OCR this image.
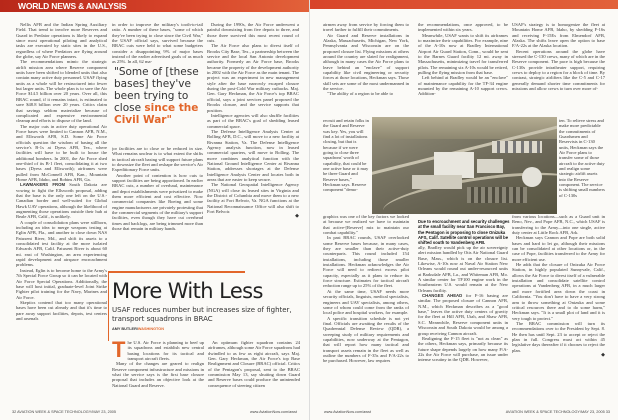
WORLD NEWS & ANALYSIS

Nellis AFB and the Indian Spring Auxiliary Field. That trend to involve more Reserves and Guard in Predator operations is likely to expand since most operational piloting and analytical tasks are executed by static sites in the U.S., regardless of where Predators are flying around the globe, say Air Force planners.

The recommendations mimic the strategic airlift mission area where Reserve component units have been shifted to blended units that also contain many active duty personnel. USAF flying units as a whole will be restructured into fewer but larger units. The whole plan is to save the Air Force $14.5 billion over 20 years. Over all, this BRAC round, if it remains intact, is estimated to save $48.8 billion over 20 years. Critics claim that savings seldom materialize because of complicated and expensive environmental cleanup and efforts to dispose of the land.

The major cuts in active duty operational Air Force bases were limited to Cannon AFB, N.M., and Ellsworth AFB, S.D. Some Air Force officials question the wisdom of basing all the service's B-1s at Dyess AFB, Tex., where facilities will have to be built to house the additional bombers. In 2001, the Air Force shed one-third of its B-1 fleet, consolidating it at two bases (Dyess and Ellsworth); airframes were pulled from McConnell AFB, Kan., Mountain Home AFB, Idaho, and Robins AFB, Ga.

LAWMAKERS FROM South Dakota are vowing to fight the Ellsworth proposal, adding that the base is the only one left on the U.S.-Canadian border and well-suited for Global Hawk UAV operations, although the likelihood of augmenting those operations outside their hub at Beale AFB, Calif., is unlikely.

A couple of consolidation plans were stillborn, including an idea to merge weapons testing at Eglin AFB, Fla., and another to close down NAS Patuxent River, Md., and shift its assets to a consolidated test facility at the more isolated Edwards AFB, Calif. Patuxent River is about 60 mi. east of Washington, an area experiencing rapid development and airspace encroachment problems.

Instead, Eglin is to become home to the Army's 7th Special Force Group so it can be located with Air Force Special Operations. Additionally, the base will host initial, graduate-level Joint Strike Fighter pilot training for the Navy, Marines and Air Force.

Skeptics contend that too many operational bases have been cut already and that it's time to pare away support facilities, depots, test centers and arsenals

in order to improve the military's tooth-to-tail ratio. A number of these bases, "some of which they've been trying to close since the Civil War," the USAF official says, survived because the BRAC cuts were held to what some budgeters consider a disappointing 9% of major bases instead of the earlier advertised goals of as much as 25%. In all, 62 ma-

"Some of [these bases] they've been trying to close since the Civil War"

jor facilities are to close or be reduced in size. What remains unclear is to what extent the shifts in tactical aircraft basing will support future plans to downsize the fleet and reshape the service's Air Expeditionary Force units.

Another point of contention is how cuts to support facilities are being apportioned. In earlier BRAC cuts, a number of overhaul, maintenance and depot establishments were privatized to make them more efficient and cost effective. Now commercial companies like Boeing and some engine manufacturers are privately protesting that the commercial segments of the military's support facilities, even though they have cut overhead times and backlogs, are being trimmed more than those that remain in military hands.

During the 1990s, the Air Force underwent a painful downsizing from five depots to three, and those three survived this most recent round of cuts.

The Air Force also plans to divest itself of Brooks City Base, Tex., a partnership between the service and the local San Antonio development authority. Formerly an Air Force base, Brooks became the property of the development authority in 2002 with the Air Force as the main tenant. The project was an experiment in new management style after the base narrowly escaped closure during the post-Cold War military cutbacks. Maj. Gen. Gary Heckman, the Air Force's top BRAC official, says a joint services panel proposed the Brooks closure, and the service supports that position.

Intelligence agencies will also shuffle facilities as part of the BRAC's goal of shedding leased commercial space.

The Defense Intelligence Analysis Center at Bolling AFB, D.C., will move to a new facility at Rivanna Station, Va. The Defense Intelligence Agency analysis function, now in leased commercial quarters, will move to Bolling. The move combines analytical function with the National Ground Intelligence Center at Rivanna Station, addresses shortages at the Defense Intelligence Analysis Center and locates both in areas that are easier to keep secure.

The National Geospatial Intelligence Agency (NGA) will close its leased sites in Virginia and the District of Columbia and move them to a new facility at Fort Belvoir, Va. NGA functions at the National Reconnaissance Office will also shift to Fort Belvoir.

◆
More With Less
USAF reduces number but increases size of fighter, transport squadrons in BRAC
AMY BUTLER/WASHINGTON

The U.S. Air Force is planning to beef up its squadrons and establish new central basing locations for its tactical and transport aircraft fleets.

Many of the changes are geared to realign Reserve component infrastructure and missions in what the service says is the first base closure proposal that includes an objective look at the National Guard and Reserve.

An optimum fighter squadron contains 24 airframes, although some Air Force squadrons had dwindled to as few as eight aircraft, says Maj. Gen. Gary Heckman, the Air Force's top Base Realignment and Closure (BRAC) official. Critics of the Pentagon's proposal, sent to the BRAC commission May 13, say shutting down Guard and Reserve bases could produce the unintended consequence of steering citizen

32 AVIATION WEEK & SPACE TECHNOLOGY/MAY 23, 2005	www.AviationNow.com/awst	www.AviationNow.com/awst	AVIATION WEEK & SPACE TECHNOLOGY/MAY 23, 2005 33

airmen away from service by forcing them to travel farther to fulfill their commitments.

Air Guard and Reserve installations in Alaska, Massachusetts, Michigan, New York, Pennsylvania and Wisconsin are on the proposed closure list. Flying missions at others around the country are slated for realignment, although in many cases the Air Force plans to leave behind an "enclave" of support capability like civil engineering or security forces at those locations, Heckman says. Those skill sets are some of the most undermanned in the service.

"The ability of a region to be able to

recruit and retain folks in the Guard and Reserve was key. Yes, you will find a lot of installations closing, but that is because if we were going to close three squadrons' worth of capability, that could be one active base or it may be three Guard and Reserve bases," Heckman says. Reserve component "demo-

graphics was one of the key factors we looked at because we realized we have to maintain that active-[Reserve] mix to maintain our combat capability."

In past BRAC rounds, USAF overlooked some Reserve bases because, in many cases, they are smaller than their active-duty counterparts. This round included 154 installations, including those smaller installations. Heckman acknowledges the Air Force will need to redirect excess pilot capacity, especially as it plans to reduce its force structure. Estimates for tactical aircraft reduction range up to 25% of the fleet.

At the same time, USAF needs more security officials, linguists, medical specialists, engineers and UAV specialists, among others, some of whom could come from the ranks of local police and hospital workers, for example.

A specific transition schedule is not yet final. Officials are awaiting the results of the Quadrennial Defense Review (QDR), a sweeping study of military requirements and capabilities, now underway at the Pentagon, that will report how many tactical and transport assets remain in the fleet as well as outline the numbers of F-35s and F/A-22s to be purchased. However, law requires

the recommendations, once approved, to be implemented within six years.

Meanwhile, USAF wants to shift its airframes to maximize their capabilities. For example, nine of the A-10s now at Bradley International Airport Air Guard Station, Conn., would be sent to the Barnes Guard facility 12 mi. away in Massachusetts, minimizing travel for transferred pilots. The remaining six A-10s would be retired, pulling the flying mission from that base.

Left behind at Bradley would be an "enclave" of maintenance capability for the TF-34 engine mounted by the remaining A-10 support crews. Addition-

Due to encroachment and security challenges at the small facility near San Francisco Bay, the Pentagon is proposing to close Onizuka AFS, Calif. Satellite control operations will be shifted south to Vandenberg AFB.

ally, Bradley would pick up the air sovereignty alert mission handled by Otis Air National Guard Base, Mass., which is on the closure list. Likewise, A-10s now at Naval Air Station New Orleans would round out under-resourced units at Barksdale AFB, La., and Whiteman AFB, Mo. A similar center for TF100 engine work in the Southeastern U.S. would remain at the New Orleans facility.

CHANGES AHEAD for F-16 basing are similar. The proposed closure of Cannon AFB, N.M., which Heckman describes as a "good base," leaves the active duty centers of gravity for the fleet at Hill AFB, Utah, and Shaw AFB, S.C. Meanwhile, Reserve component units in Wisconsin and South Dakota would be among a group receiving Cannon aircraft.

Realigning the F-15 fleet is "not as clean" as the others, Heckman says, primarily because its future shape depends largely on how many F/A-22s the Air Force will purchase, an issue under intense scrutiny in the QDR. However,

USAF's strategy is to homogenize the fleet at Mountain Home AFB, Idaho, by shedding F-16s and receiving F-15Es from Elmendorf AFB, Alaska. The shifts leave open the option to base F/A-22s at the Alaska location.

Recent operations around the globe have stressed the C-130 crews, many of which are in the Reserve component. The pace is high because the C-130s provide intratheater support, requiring crews to deploy to a region for a block of time. By contrast, strategic airlifters like the C-5 and C-17 generally demand shorter time commitments for missions and allow crews to turn over more of-

ten. To relieve stress and make more predictable the commitments of Guardsmen and Reservists in C-130 units, Heckman says the Air Force plans to transfer some of those aircraft to the active duty and realign some strategic airlift assets into the Reserve component. The service is shifting small numbers of C-130s

from various locations—such as a Guard unit in Reno, Nev., and Pope AFB, N.C., which USAF is transferring to the Army—into one single, active duty center at Little Rock AFB, Ark.

Heckman says Cannon and Pope are both solid bases and hard to let go, although their missions can be consolidated at other locations or, in the case of Pope, facilities transferred to the Army for more efficient use.

He adds that the closure of Onizuka Air Force Station, in highly populated Sunnyvale, Calif., allows the Air Force to divest itself of a vulnerable installation and consolidate satellite control operations at Vandenberg AFB, in a much larger and more fortified area down the coast in California. "You don't have to have a very strong arm to throw something at Onizuka and some critical resources there and to do some harm," Heckman says. "It is a small plot of land and it is very tough to protect."

The BRAC commission will turn its recommendations over to the President by Sept. 8. He then has until Sept. 23 to accept or reject the plan in full. Congress must act within 45 legislative days thereafter if it chooses to reject the plan.

◆
